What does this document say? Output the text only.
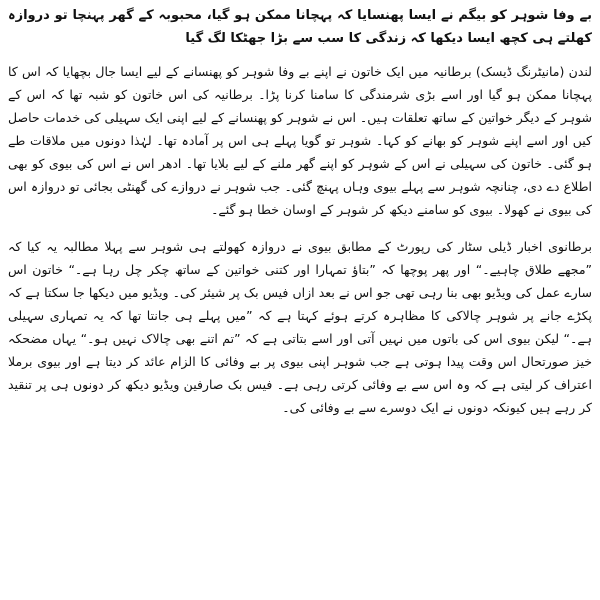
بے وفا شوہر کو بیگم نے ایسا پھنسایا کہ پہچانا ممکن ہو گیا، محبوبہ کے گھر پہنچا تو دروازہ کھلتے ہی کچھ ایسا دیکھا کہ زندگی کا سب سے بڑا جھٹکا لگ گیا

لندن (مانیٹرنگ ڈیسک) برطانیہ میں ایک خاتون نے اپنے بے وفا شوہر کو پھنسانے کے لیے ایسا جال بچھایا کہ اس کا پہچانا ممکن ہو گیا اور اسے بڑی شرمندگی کا سامنا کرنا پڑا۔ برطانیہ کی اس خاتون کو شبہ تھا کہ اس کے شوہر کے دیگر خواتین کے ساتھ تعلقات ہیں۔ اس نے شوہر کو پھنسانے کے لیے اپنی ایک سہیلی کی خدمات حاصل کیں اور اسے اپنے شوہر کو بھانے کو کہا۔ شوہر تو گویا پہلے ہی اس پر آمادہ تھا۔ لہٰذا دونوں میں ملاقات طے ہو گئی۔ خاتون کی سہیلی نے اس کے شوہر کو اپنے گھر ملنے کے لیے بلایا تھا۔ ادھر اس نے اس کی بیوی کو بھی اطلاع دے دی، چنانچہ شوہر سے پہلے بیوی وہاں پہنچ گئی۔ جب شوہر نے دروازے کی گھنٹی بجائی تو دروازہ اس کی بیوی نے کھولا۔ بیوی کو سامنے دیکھ کر شوہر کے اوسان خطا ہو گئے۔

برطانوی اخبار ڈیلی سٹار کی رپورٹ کے مطابق بیوی نے دروازہ کھولتے ہی شوہر سے پہلا مطالبہ یہ کیا کہ ”مجھے طلاق چاہیے۔“ اور پھر پوچھا کہ ”بتاؤ تمہارا اور کتنی خواتین کے ساتھ چکر چل رہا ہے۔“ خاتون اس سارے عمل کی ویڈیو بھی بنا رہی تھی جو اس نے بعد ازاں فیس بک پر شیئر کی۔ ویڈیو میں دیکھا جا سکتا ہے کہ پکڑے جانے پر شوہر چالاکی کا مظاہرہ کرتے ہوئے کہتا ہے کہ ”میں پہلے ہی جانتا تھا کہ یہ تمہاری سہیلی ہے۔“ لیکن بیوی اس کی باتوں میں نہیں آتی اور اسے بتاتی ہے کہ ”تم اتنے بھی چالاک نہیں ہو۔“ یہاں مضحکہ خیز صورتحال اس وقت پیدا ہوتی ہے جب شوہر اپنی بیوی پر بے وفائی کا الزام عائد کر دیتا ہے اور بیوی برملا اعتراف کر لیتی ہے کہ وہ اس سے بے وفائی کرتی رہی ہے۔ فیس بک صارفین ویڈیو دیکھ کر دونوں ہی پر تنقید کر رہے ہیں کیونکہ دونوں نے ایک دوسرے سے بے وفائی کی۔
